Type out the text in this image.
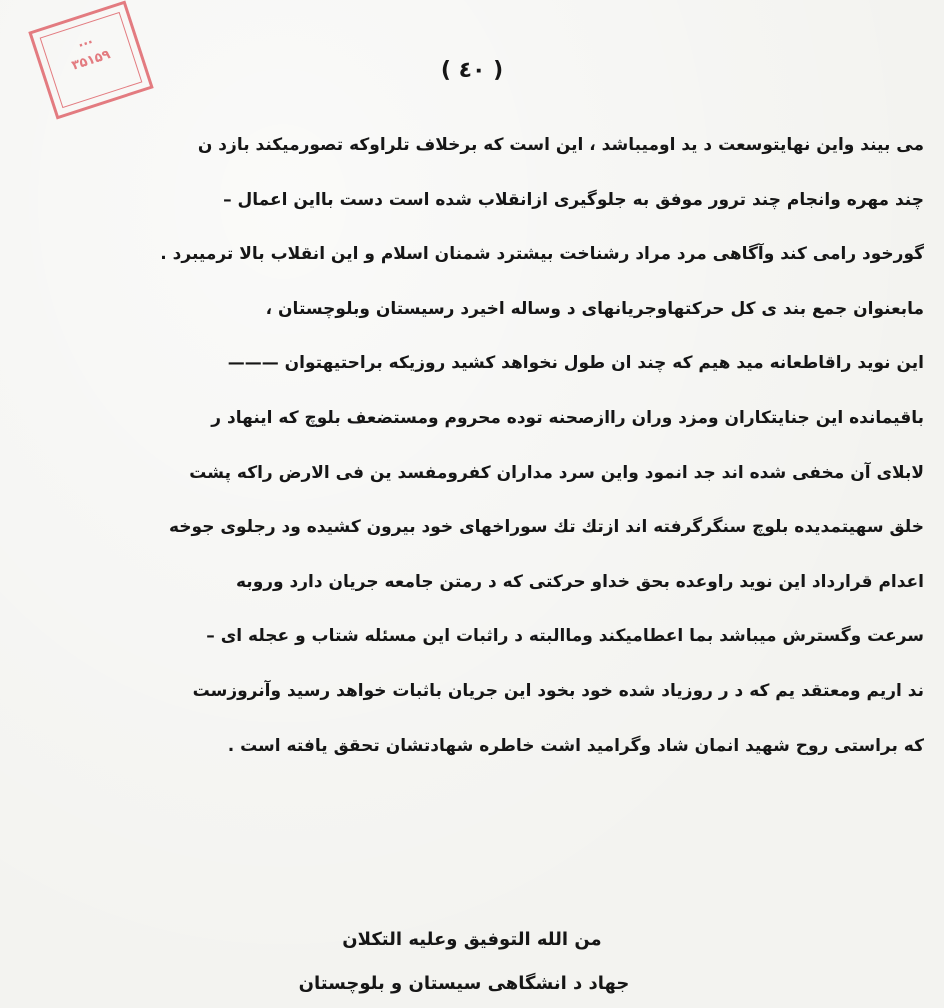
...
۳۵۱۵۹	( ٤٠ )
می بیند واین نهایتوسعت د ید اومیباشد ، این است که برخلاف تلراوکه تصورمیکند بازد ن
چند مهره وانجام چند ترور موفق به جلوگیری ازانقلاب شده است دست بااین اعمال –
گورخود رامی کند وآگاهی مرد مراد رشناخت بیشترد شمنان اسلام و این انقلاب بالا ترمیبرد .
مابعنوان جمع بند ی کل حرکتهاوجریانهای د وساله اخیرد رسیستان وبلوچستان ،
این نوید راقاطعانه مید هیم که چند ان طول نخواهد کشید روزیکه براحتیهتوان ———
باقیمانده این جنایتکاران ومزد وران راازصحنه توده محروم ومستضعف بلوچ که اینهاد ر
لابلای آن مخفی شده اند جد انمود واین سرد مداران کفرومفسد ین فی الارض راکه پشت
خلق سهیتمدیده بلوچ سنگرگرفته اند ازتك تك سوراخهای خود بیرون کشیده ود رجلوی جوخه
اعدام قرارداد این نوید راوعده بحق خداو حرکتی که د رمتن جامعه جریان دارد وروبه
سرعت وگسترش میباشد بما اعطامیکند وماالبته د راثبات این مسئله شتاب و عجله ای –
ند اریم ومعتقد یم که د ر روزیاد شده خود بخود این جریان باثبات خواهد رسید وآنروزست
که براستی روح شهید انمان شاد وگرامید اشت خاطره شهادتشان تحقق یافته است .
من الله التوفیق وعلیه التکلان
جهاد د انشگاهی سیستان و بلوچستان
